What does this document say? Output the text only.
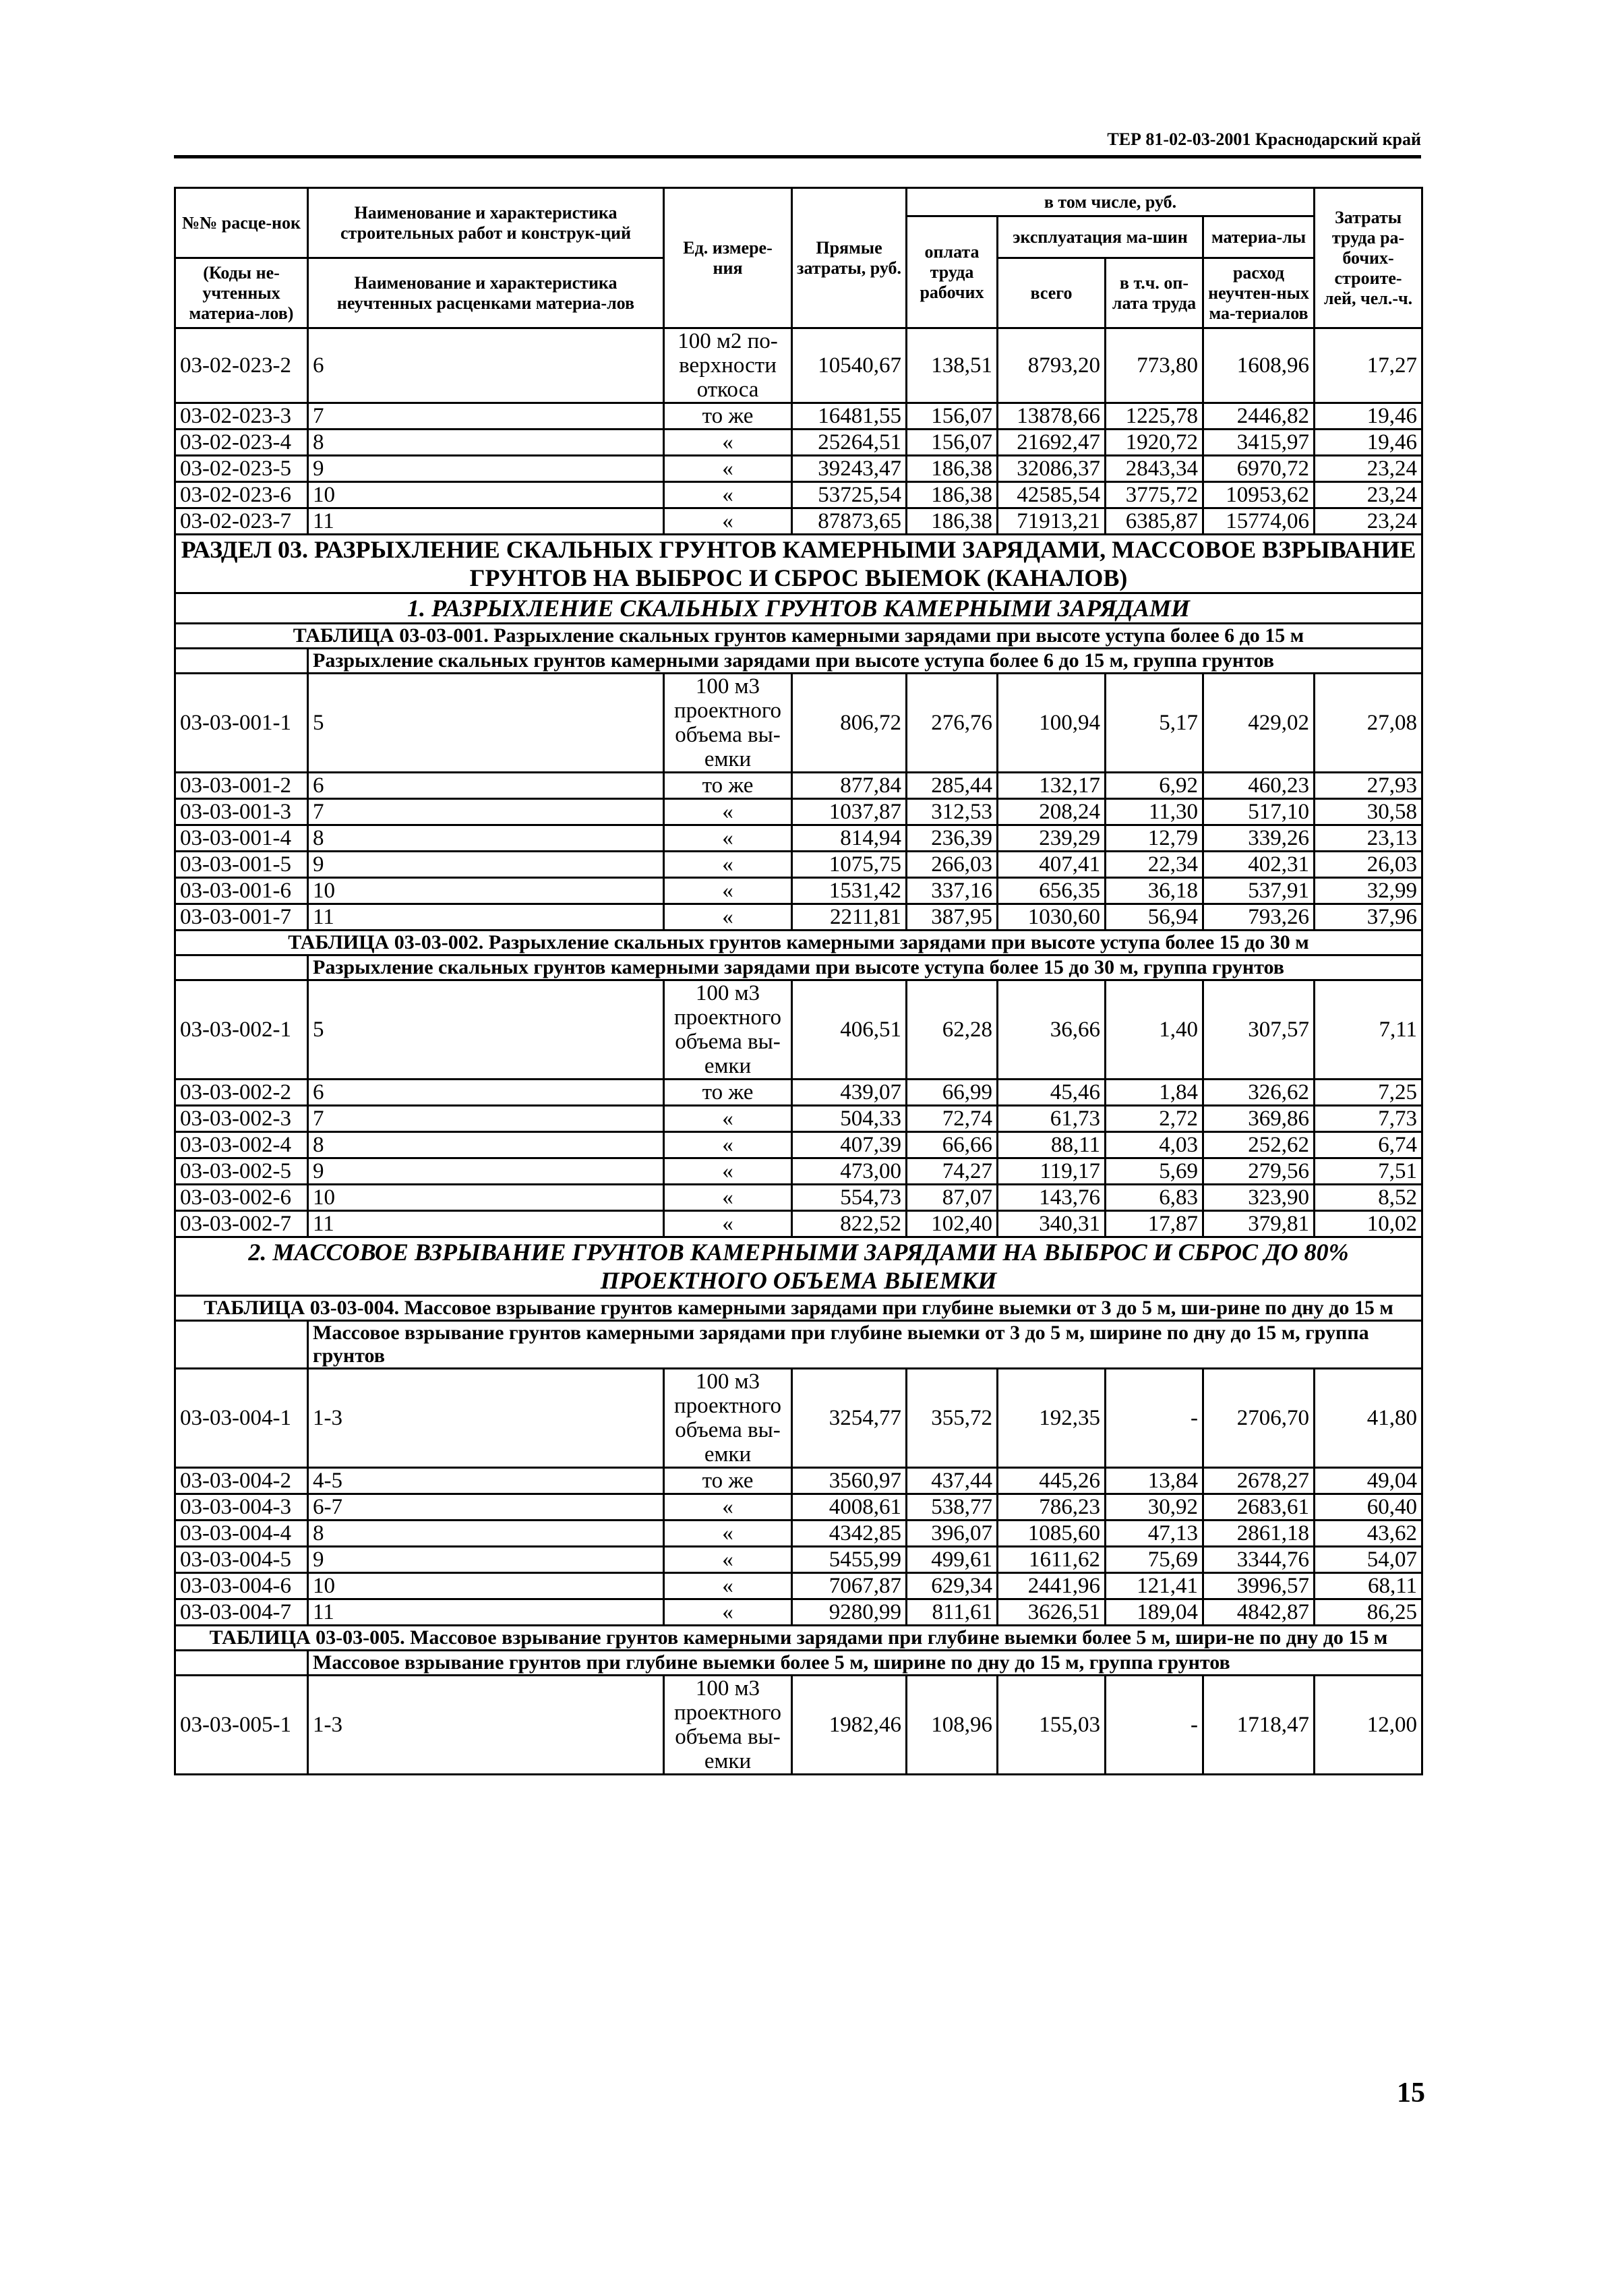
ТЕР 81-02-03-2001 Краснодарский край
№№ расце-нок	Наименование и характеристика строительных работ и конструк-ций	Ед. измере-ния	Прямые затраты, руб.	в том числе, руб.				Затраты труда ра-бочих-строите-лей, чел.-ч.
				оплата труда рабочих	эксплуатация ма-шин		материа-лы	

(Коды не-учтенных материа-лов)	Наименование и характеристика неучтенных расценками материа-лов				всего	в т.ч. оп-лата труда	расход неучтен-ных ма-териалов	

03-02-023-2	6	100 м2 по-верхности откоса	10540,67	138,51	8793,20	773,80	1608,96	17,27
03-02-023-3	7	то же	16481,55	156,07	13878,66	1225,78	2446,82	19,46
03-02-023-4	8	«	25264,51	156,07	21692,47	1920,72	3415,97	19,46
03-02-023-5	9	«	39243,47	186,38	32086,37	2843,34	6970,72	23,24
03-02-023-6	10	«	53725,54	186,38	42585,54	3775,72	10953,62	23,24
03-02-023-7	11	«	87873,65	186,38	71913,21	6385,87	15774,06	23,24
РАЗДЕЛ 03. РАЗРЫХЛЕНИЕ СКАЛЬНЫХ ГРУНТОВ КАМЕРНЫМИ ЗАРЯДАМИ, МАССОВОЕ ВЗРЫВАНИЕ ГРУНТОВ НА ВЫБРОС И СБРОС ВЫЕМОК (КАНАЛОВ)								
1. РАЗРЫХЛЕНИЕ СКАЛЬНЫХ ГРУНТОВ КАМЕРНЫМИ ЗАРЯДАМИ								
ТАБЛИЦА 03-03-001. Разрыхление скальных грунтов камерными зарядами при высоте уступа более 6 до 15 м								
	Разрыхление скальных грунтов камерными зарядами при высоте уступа более 6 до 15 м, группа грунтов							
03-03-001-1	5	100 м3 проектного объема вы-емки	806,72	276,76	100,94	5,17	429,02	27,08
03-03-001-2	6	то же	877,84	285,44	132,17	6,92	460,23	27,93
03-03-001-3	7	«	1037,87	312,53	208,24	11,30	517,10	30,58
03-03-001-4	8	«	814,94	236,39	239,29	12,79	339,26	23,13
03-03-001-5	9	«	1075,75	266,03	407,41	22,34	402,31	26,03
03-03-001-6	10	«	1531,42	337,16	656,35	36,18	537,91	32,99
03-03-001-7	11	«	2211,81	387,95	1030,60	56,94	793,26	37,96
ТАБЛИЦА 03-03-002. Разрыхление скальных грунтов камерными зарядами при высоте уступа более 15 до 30 м								
	Разрыхление скальных грунтов камерными зарядами при высоте уступа более 15 до 30 м, группа грунтов							
03-03-002-1	5	100 м3 проектного объема вы-емки	406,51	62,28	36,66	1,40	307,57	7,11
03-03-002-2	6	то же	439,07	66,99	45,46	1,84	326,62	7,25
03-03-002-3	7	«	504,33	72,74	61,73	2,72	369,86	7,73
03-03-002-4	8	«	407,39	66,66	88,11	4,03	252,62	6,74
03-03-002-5	9	«	473,00	74,27	119,17	5,69	279,56	7,51
03-03-002-6	10	«	554,73	87,07	143,76	6,83	323,90	8,52
03-03-002-7	11	«	822,52	102,40	340,31	17,87	379,81	10,02
2. МАССОВОЕ ВЗРЫВАНИЕ ГРУНТОВ КАМЕРНЫМИ ЗАРЯДАМИ НА ВЫБРОС И СБРОС ДО 80% ПРОЕКТНОГО ОБЪЕМА ВЫЕМКИ								
ТАБЛИЦА 03-03-004. Массовое взрывание грунтов камерными зарядами при глубине выемки от 3 до 5 м, ши-рине по дну до 15 м								
	Массовое взрывание грунтов камерными зарядами при глубине выемки от 3 до 5 м, ширине по дну до 15 м, группа грунтов							
03-03-004-1	1-3	100 м3 проектного объема вы-емки	3254,77	355,72	192,35	-	2706,70	41,80
03-03-004-2	4-5	то же	3560,97	437,44	445,26	13,84	2678,27	49,04
03-03-004-3	6-7	«	4008,61	538,77	786,23	30,92	2683,61	60,40
03-03-004-4	8	«	4342,85	396,07	1085,60	47,13	2861,18	43,62
03-03-004-5	9	«	5455,99	499,61	1611,62	75,69	3344,76	54,07
03-03-004-6	10	«	7067,87	629,34	2441,96	121,41	3996,57	68,11
03-03-004-7	11	«	9280,99	811,61	3626,51	189,04	4842,87	86,25
ТАБЛИЦА 03-03-005. Массовое взрывание грунтов камерными зарядами при глубине выемки более 5 м, шири-не по дну до 15 м								
	Массовое взрывание грунтов при глубине выемки более 5 м, ширине по дну до 15 м, группа грунтов							
03-03-005-1	1-3	100 м3 проектного объема вы-емки	1982,46	108,96	155,03	-	1718,47	12,00
15
